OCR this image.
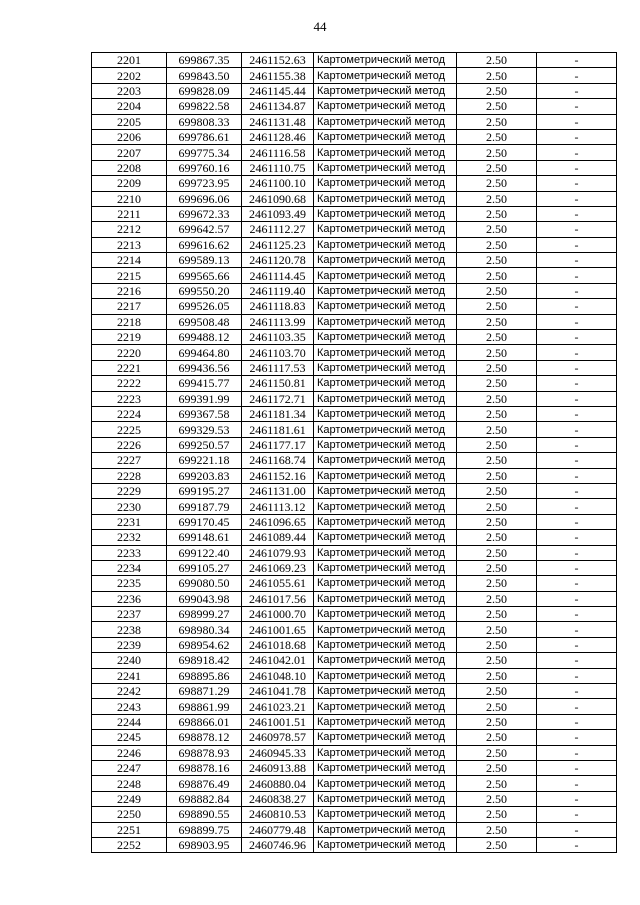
44
2201	699867.35	2461152.63	Картометрический метод	2.50	-
2202	699843.50	2461155.38	Картометрический метод	2.50	-
2203	699828.09	2461145.44	Картометрический метод	2.50	-
2204	699822.58	2461134.87	Картометрический метод	2.50	-
2205	699808.33	2461131.48	Картометрический метод	2.50	-
2206	699786.61	2461128.46	Картометрический метод	2.50	-
2207	699775.34	2461116.58	Картометрический метод	2.50	-
2208	699760.16	2461110.75	Картометрический метод	2.50	-
2209	699723.95	2461100.10	Картометрический метод	2.50	-
2210	699696.06	2461090.68	Картометрический метод	2.50	-
2211	699672.33	2461093.49	Картометрический метод	2.50	-
2212	699642.57	2461112.27	Картометрический метод	2.50	-
2213	699616.62	2461125.23	Картометрический метод	2.50	-
2214	699589.13	2461120.78	Картометрический метод	2.50	-
2215	699565.66	2461114.45	Картометрический метод	2.50	-
2216	699550.20	2461119.40	Картометрический метод	2.50	-
2217	699526.05	2461118.83	Картометрический метод	2.50	-
2218	699508.48	2461113.99	Картометрический метод	2.50	-
2219	699488.12	2461103.35	Картометрический метод	2.50	-
2220	699464.80	2461103.70	Картометрический метод	2.50	-
2221	699436.56	2461117.53	Картометрический метод	2.50	-
2222	699415.77	2461150.81	Картометрический метод	2.50	-
2223	699391.99	2461172.71	Картометрический метод	2.50	-
2224	699367.58	2461181.34	Картометрический метод	2.50	-
2225	699329.53	2461181.61	Картометрический метод	2.50	-
2226	699250.57	2461177.17	Картометрический метод	2.50	-
2227	699221.18	2461168.74	Картометрический метод	2.50	-
2228	699203.83	2461152.16	Картометрический метод	2.50	-
2229	699195.27	2461131.00	Картометрический метод	2.50	-
2230	699187.79	2461113.12	Картометрический метод	2.50	-
2231	699170.45	2461096.65	Картометрический метод	2.50	-
2232	699148.61	2461089.44	Картометрический метод	2.50	-
2233	699122.40	2461079.93	Картометрический метод	2.50	-
2234	699105.27	2461069.23	Картометрический метод	2.50	-
2235	699080.50	2461055.61	Картометрический метод	2.50	-
2236	699043.98	2461017.56	Картометрический метод	2.50	-
2237	698999.27	2461000.70	Картометрический метод	2.50	-
2238	698980.34	2461001.65	Картометрический метод	2.50	-
2239	698954.62	2461018.68	Картометрический метод	2.50	-
2240	698918.42	2461042.01	Картометрический метод	2.50	-
2241	698895.86	2461048.10	Картометрический метод	2.50	-
2242	698871.29	2461041.78	Картометрический метод	2.50	-
2243	698861.99	2461023.21	Картометрический метод	2.50	-
2244	698866.01	2461001.51	Картометрический метод	2.50	-
2245	698878.12	2460978.57	Картометрический метод	2.50	-
2246	698878.93	2460945.33	Картометрический метод	2.50	-
2247	698878.16	2460913.88	Картометрический метод	2.50	-
2248	698876.49	2460880.04	Картометрический метод	2.50	-
2249	698882.84	2460838.27	Картометрический метод	2.50	-
2250	698890.55	2460810.53	Картометрический метод	2.50	-
2251	698899.75	2460779.48	Картометрический метод	2.50	-
2252	698903.95	2460746.96	Картометрический метод	2.50	-
